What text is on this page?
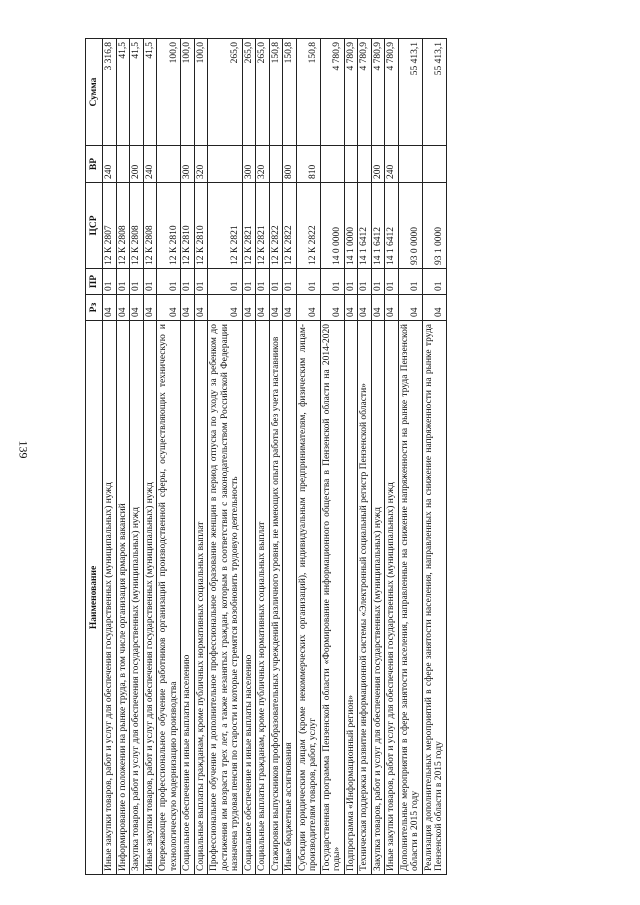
139
Наименование	Рз	ПР	ЦСР	ВР	Сумма
Иные закупки товаров, работ и услуг для обеспечения государственных (муниципальных) нужд	04	01	12 К 2807	240	3 316,8
Информирование о положении на рынке труда, в том числе организация ярмарок вакансий	04	01	12 К 2808		41,5
Закупка товаров, работ и услуг для обеспечения государственных (муниципальных) нужд	04	01	12 К 2808	200	41,5
Иные закупки товаров, работ и услуг для обеспечения государственных (муниципальных) нужд	04	01	12 К 2808	240	41,5
Опережающее профессиональное обучение работников организаций производственной сферы, осуществляющих техническую и технологическую модернизацию производства	04	01	12 К 2810		100,0
Социальное обеспечение и иные выплаты населению	04	01	12 К 2810	300	100,0
Социальные выплаты гражданам, кроме публичных нормативных социальных выплат	04	01	12 К 2810	320	100,0
Профессиональное обучение и дополнительное профессиональное образование женщин в период отпуска по уходу за ребенком до достижения им возраста трех лет, а также незанятых граждан, которым в соответствии с законодательством Российской Федерации назначена трудовая пенсия по старости и которые стремятся возобновить трудовую деятельность	04	01	12 К 2821		265,0
Социальное обеспечение и иные выплаты населению	04	01	12 К 2821	300	265,0
Социальные выплаты гражданам, кроме публичных нормативных социальных выплат	04	01	12 К 2821	320	265,0
Стажировки выпускников профобразовательных учреждений различного уровня, не имеющих опыта работы без учета наставников	04	01	12 К 2822		150,8
Иные бюджетные ассигнования	04	01	12 К 2822	800	150,8
Субсидии юридическим лицам (кроме некоммерческих организаций), индивидуальным предпринимателям, физическим лицам-производителям товаров, работ, услуг	04	01	12 К 2822	810	150,8
Государственная программа Пензенской области «Формирование информационного общества в Пензенской области на 2014-2020 годы»	04	01	14 0 0000		4 780,9
Подпрограмма «Информационный регион»	04	01	14 1 0000		4 780,9
Техническая поддержка и развитие информационной системы «Электронный социальный регистр Пензенской области»	04	01	14 1 6412		4 780,9
Закупка товаров, работ и услуг для обеспечения государственных (муниципальных) нужд	04	01	14 1 6412	200	4 780,9
Иные закупки товаров, работ и услуг для обеспечения государственных (муниципальных) нужд	04	01	14 1 6412	240	4 780,9
Дополнительные мероприятия в сфере занятости населения, направленные на снижение напряженности на рынке труда Пензенской области в 2015 году	04	01	93 0 0000		55 413,1
Реализация дополнительных мероприятий в сфере занятости населения, направленных на снижение напряженности на рынке труда Пензенской области в 2015 году	04	01	93 1 0000		55 413,1
